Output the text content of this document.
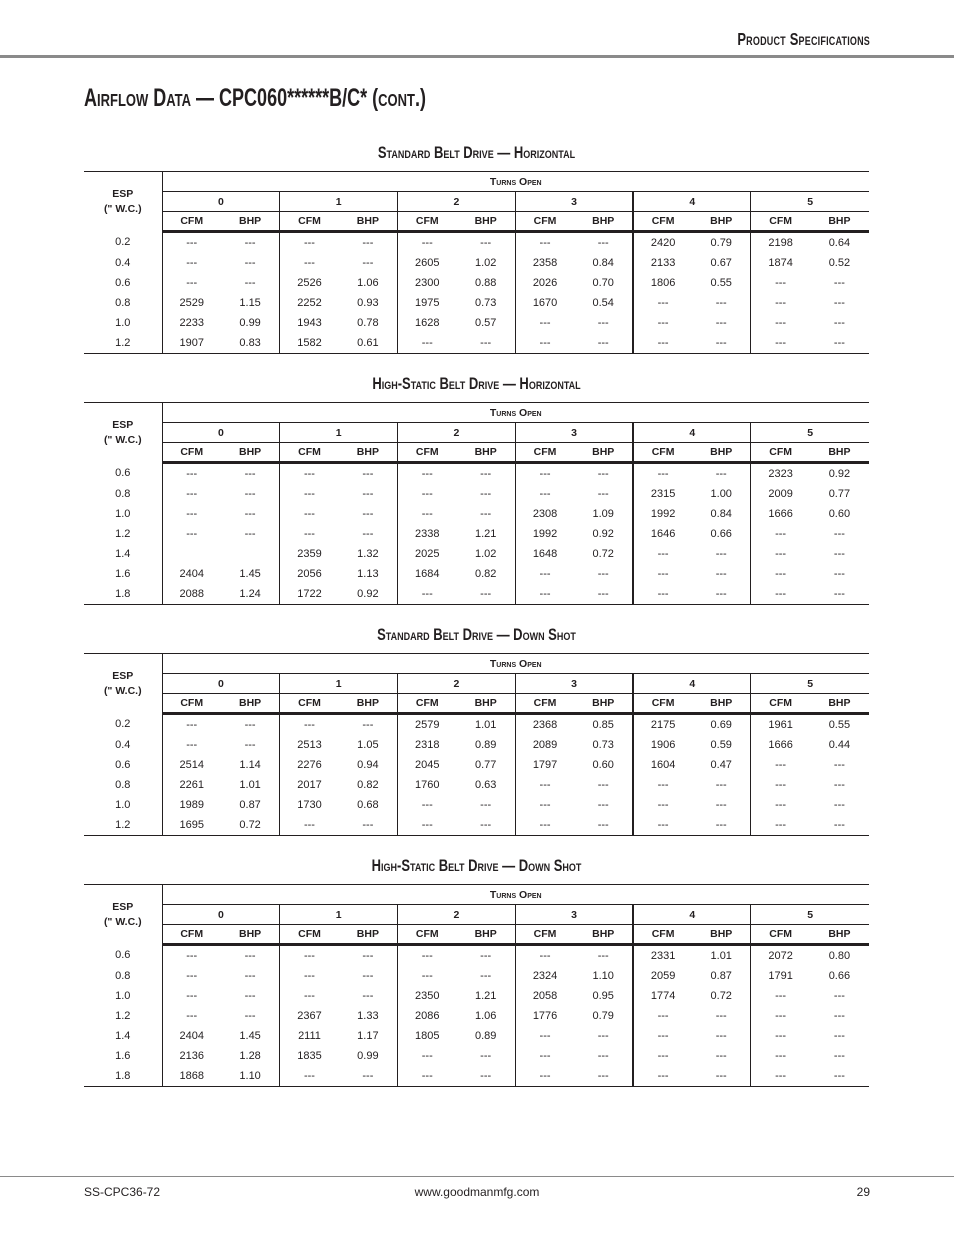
Product Specifications
Airflow Data — CPC060******B/C* (cont.)
Standard Belt Drive — Horizontal
ESP
(" W.C.)	Turns Open											
	0		1		2		3		4		5	
	CFM	BHP	CFM	BHP	CFM	BHP	CFM	BHP	CFM	BHP	CFM	BHP
0.2	---	---	---	---	---	---	---	---	2420	0.79	2198	0.64
0.4	---	---	---	---	2605	1.02	2358	0.84	2133	0.67	1874	0.52
0.6	---	---	2526	1.06	2300	0.88	2026	0.70	1806	0.55	---	---
0.8	2529	1.15	2252	0.93	1975	0.73	1670	0.54	---	---	---	---
1.0	2233	0.99	1943	0.78	1628	0.57	---	---	---	---	---	---
1.2	1907	0.83	1582	0.61	---	---	---	---	---	---	---	---
High-Static Belt Drive — Horizontal
ESP
(" W.C.)	Turns Open											
	0		1		2		3		4		5	
	CFM	BHP	CFM	BHP	CFM	BHP	CFM	BHP	CFM	BHP	CFM	BHP
0.6	---	---	---	---	---	---	---	---	---	---	2323	0.92
0.8	---	---	---	---	---	---	---	---	2315	1.00	2009	0.77
1.0	---	---	---	---	---	---	2308	1.09	1992	0.84	1666	0.60
1.2	---	---	---	---	2338	1.21	1992	0.92	1646	0.66	---	---
1.4			2359	1.32	2025	1.02	1648	0.72	---	---	---	---
1.6	2404	1.45	2056	1.13	1684	0.82	---	---	---	---	---	---
1.8	2088	1.24	1722	0.92	---	---	---	---	---	---	---	---
Standard Belt Drive — Down Shot
ESP
(" W.C.)	Turns Open											
	0		1		2		3		4		5	
	CFM	BHP	CFM	BHP	CFM	BHP	CFM	BHP	CFM	BHP	CFM	BHP
0.2	---	---	---	---	2579	1.01	2368	0.85	2175	0.69	1961	0.55
0.4	---	---	2513	1.05	2318	0.89	2089	0.73	1906	0.59	1666	0.44
0.6	2514	1.14	2276	0.94	2045	0.77	1797	0.60	1604	0.47	---	---
0.8	2261	1.01	2017	0.82	1760	0.63	---	---	---	---	---	---
1.0	1989	0.87	1730	0.68	---	---	---	---	---	---	---	---
1.2	1695	0.72	---	---	---	---	---	---	---	---	---	---
High-Static Belt Drive — Down Shot
ESP
(" W.C.)	Turns Open											
	0		1		2		3		4		5	
	CFM	BHP	CFM	BHP	CFM	BHP	CFM	BHP	CFM	BHP	CFM	BHP
0.6	---	---	---	---	---	---	---	---	2331	1.01	2072	0.80
0.8	---	---	---	---	---	---	2324	1.10	2059	0.87	1791	0.66
1.0	---	---	---	---	2350	1.21	2058	0.95	1774	0.72	---	---
1.2	---	---	2367	1.33	2086	1.06	1776	0.79	---	---	---	---
1.4	2404	1.45	2111	1.17	1805	0.89	---	---	---	---	---	---
1.6	2136	1.28	1835	0.99	---	---	---	---	---	---	---	---
1.8	1868	1.10	---	---	---	---	---	---	---	---	---	---

SS-CPC36-72	www.goodmanmfg.com	29
